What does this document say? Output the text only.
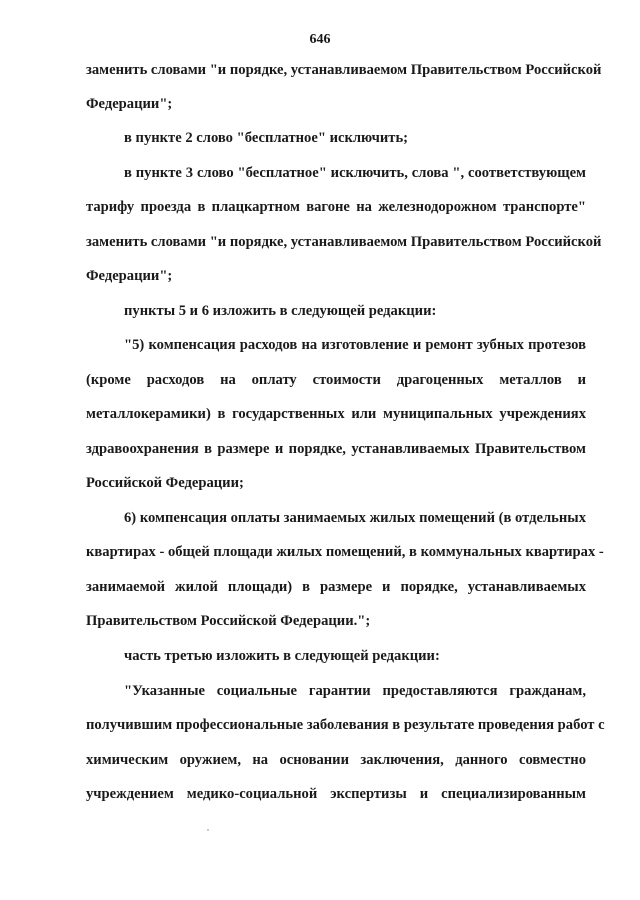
646
заменить словами "и порядке, устанавливаемом Правительством Российской
Федерации";
в пункте 2 слово "бесплатное" исключить;
в пункте 3 слово "бесплатное" исключить, слова ", соответствующем
тарифу проезда в плацкартном вагоне на железнодорожном транспорте"
заменить словами "и порядке, устанавливаемом Правительством Российской
Федерации";
пункты 5 и 6 изложить в следующей редакции:
"5) компенсация расходов на изготовление и ремонт зубных протезов
(кроме расходов на оплату стоимости драгоценных металлов и
металлокерамики) в государственных или муниципальных учреждениях
здравоохранения в размере и порядке, устанавливаемых Правительством
Российской Федерации;
6) компенсация оплаты занимаемых жилых помещений (в отдельных
квартирах - общей площади жилых помещений, в коммунальных квартирах -
занимаемой жилой площади) в размере и порядке, устанавливаемых
Правительством Российской Федерации.";
часть третью изложить в следующей редакции:
"Указанные социальные гарантии предоставляются гражданам,
получившим профессиональные заболевания в результате проведения работ с
химическим оружием, на основании заключения, данного совместно
учреждением медико-социальной экспертизы и специализированным
